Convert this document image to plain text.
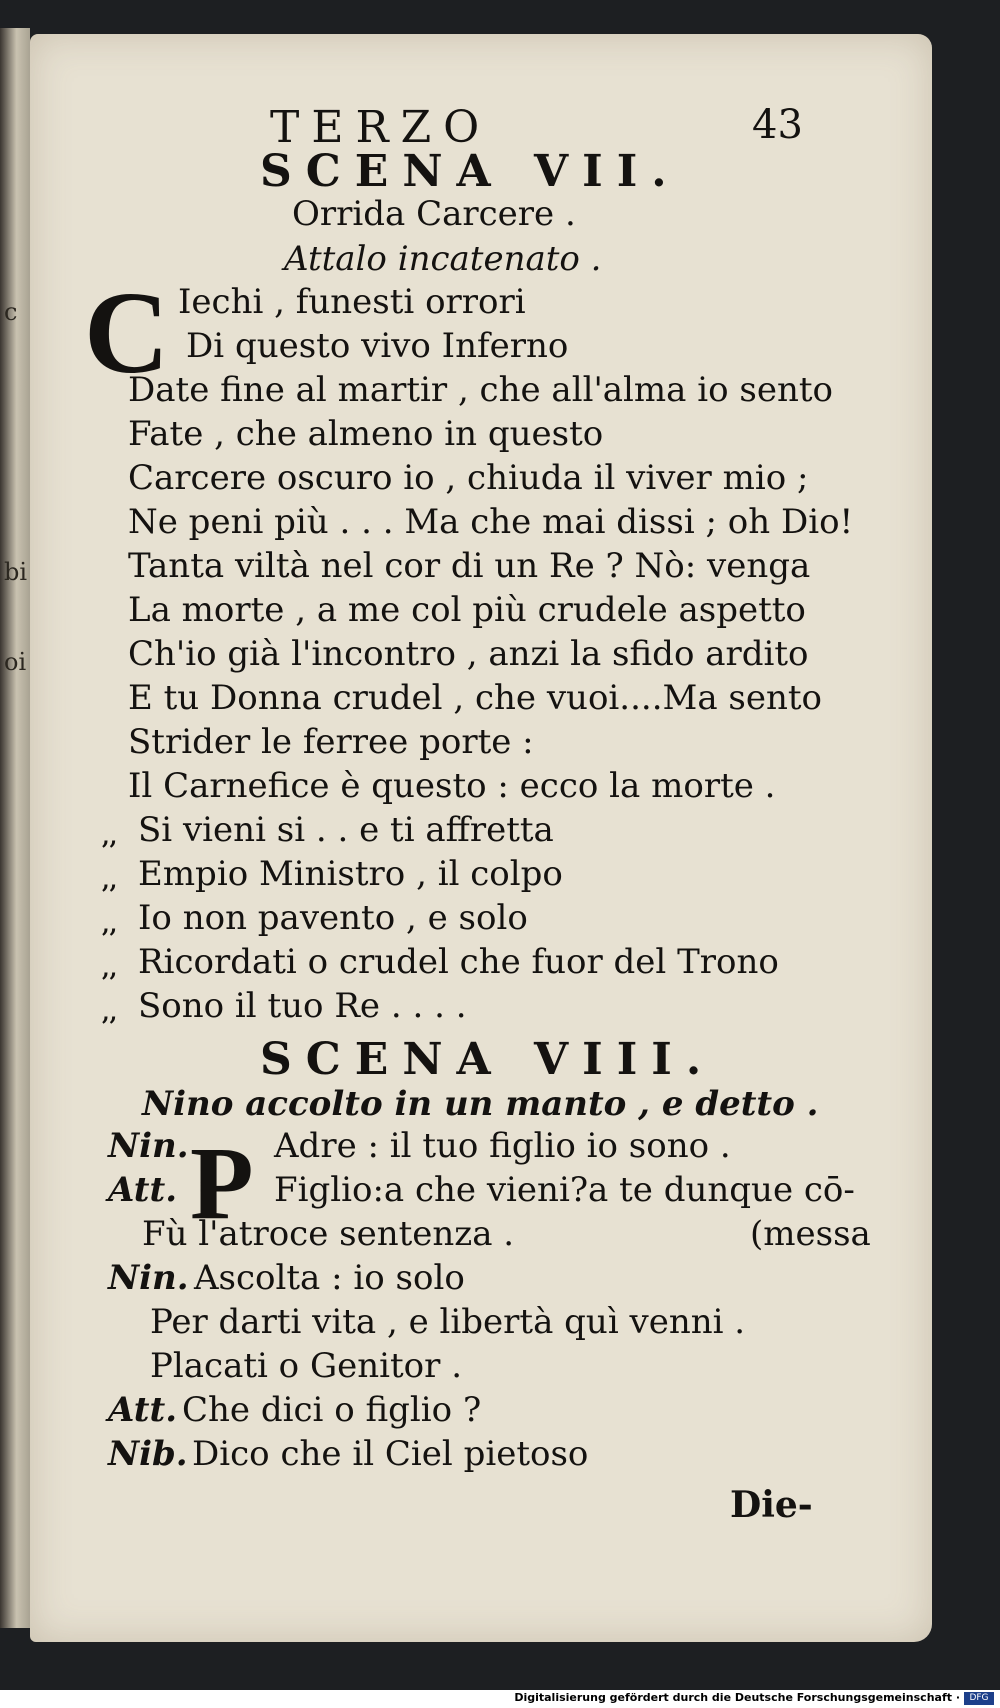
c
bi
oi
TERZO	43
SCENA VII.
Orrida Carcere .
Attalo incatenato .
C Iechi , funesti orrori
Di questo vivo Inferno
Date fine al martir , che all'alma io sento
Fate , che almeno in questo
Carcere oscuro io , chiuda il viver mio ;
Ne peni più . . . Ma che mai dissi ; oh Dio!
Tanta viltà nel cor di un Re ? Nò: venga
La morte , a me col più crudele aspetto
Ch'io già l'incontro , anzi la sfido ardito
E tu Donna crudel , che vuoi....Ma sento
Strider le ferree porte :
Il Carnefice è questo : ecco la morte .
,, Si vieni si . . e ti affretta
,, Empio Ministro , il colpo
,, Io non pavento , e solo
,, Ricordati o crudel che fuor del Trono
,, Sono il tuo Re . . . .
SCENA VIII.
Nino accolto in un manto , e detto .
P
Nin.	Adre : il tuo figlio io sono .
Att.	Figlio:a che vieni?a te dunque cō-
Fù l'atroce sentenza .	(messa
Nin. Ascolta : io solo
Per darti vita , e libertà quì venni .
Placati o Genitor .
Att. Che dici o figlio ?
Nib. Dico che il Ciel pietoso
Die-
Digitalisierung gefördert durch die Deutsche Forschungsgemeinschaft ·	DFG
